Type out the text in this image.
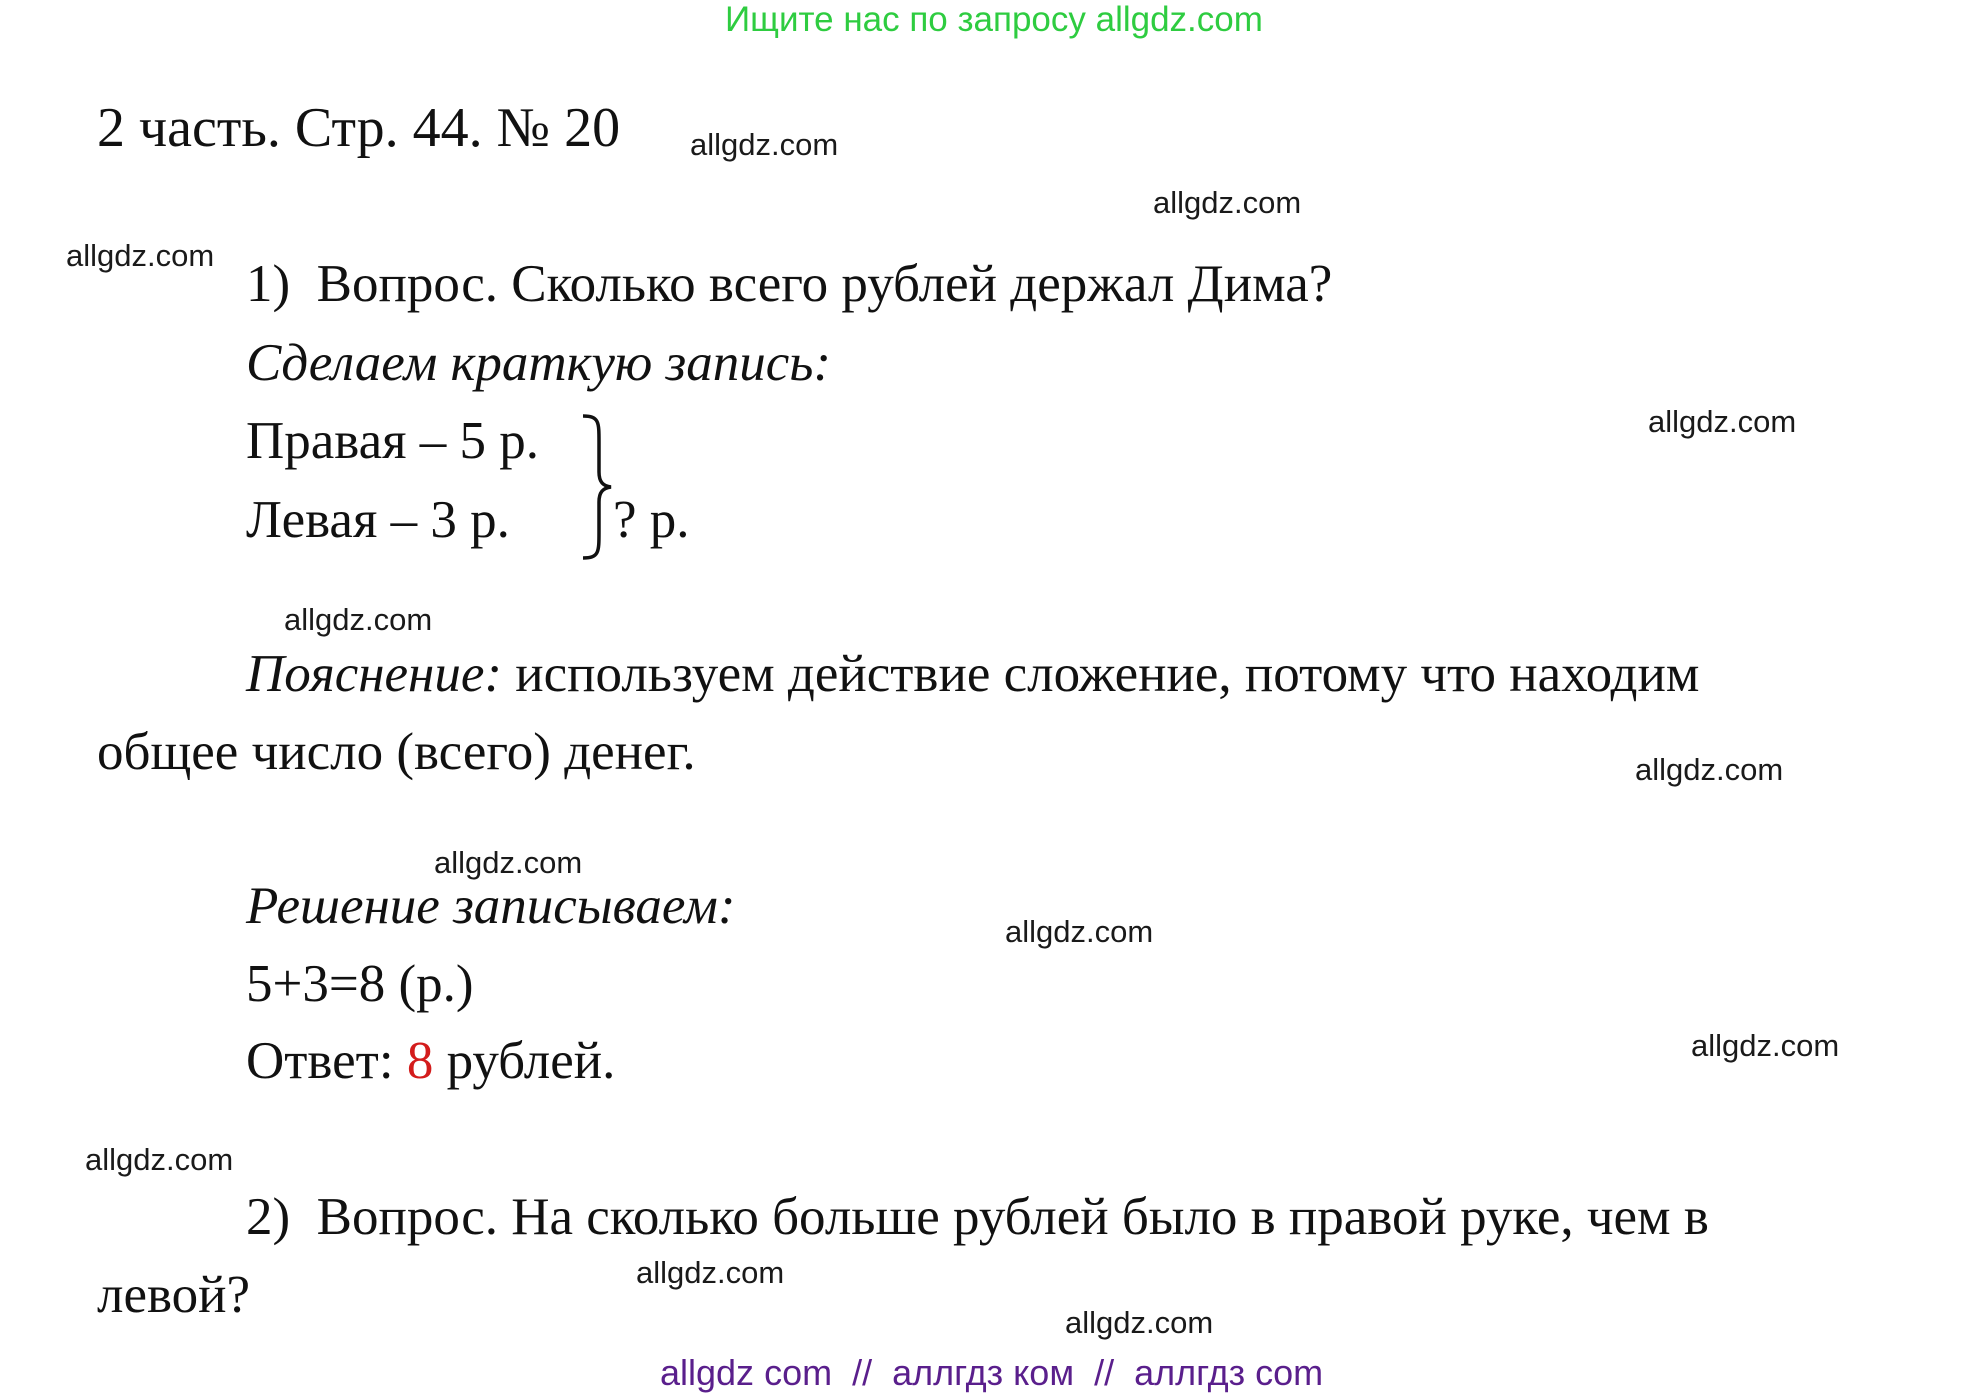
Ищите нас по запросу allgdz.com
2 часть. Стр. 44. № 20 allgdz.com
allgdz.com
allgdz.com
allgdz.com
allgdz.com
allgdz.com
allgdz.com
allgdz.com
allgdz.com
allgdz.com
allgdz.com
allgdz.com
1) Вопрос. Сколько всего рублей держал Дима?
Сделаем краткую запись:
Правая – 5 р.
Левая – 3 р. ? р.
Пояснение: используем действие сложение, потому что находим
общее число (всего) денег.
Решение записываем:
5+3=8 (р.)
Ответ: 8 рублей.
2) Вопрос. На сколько больше рублей было в правой руке, чем в
левой?
allgdz com  //  аллгдз ком  //  аллгдз com
